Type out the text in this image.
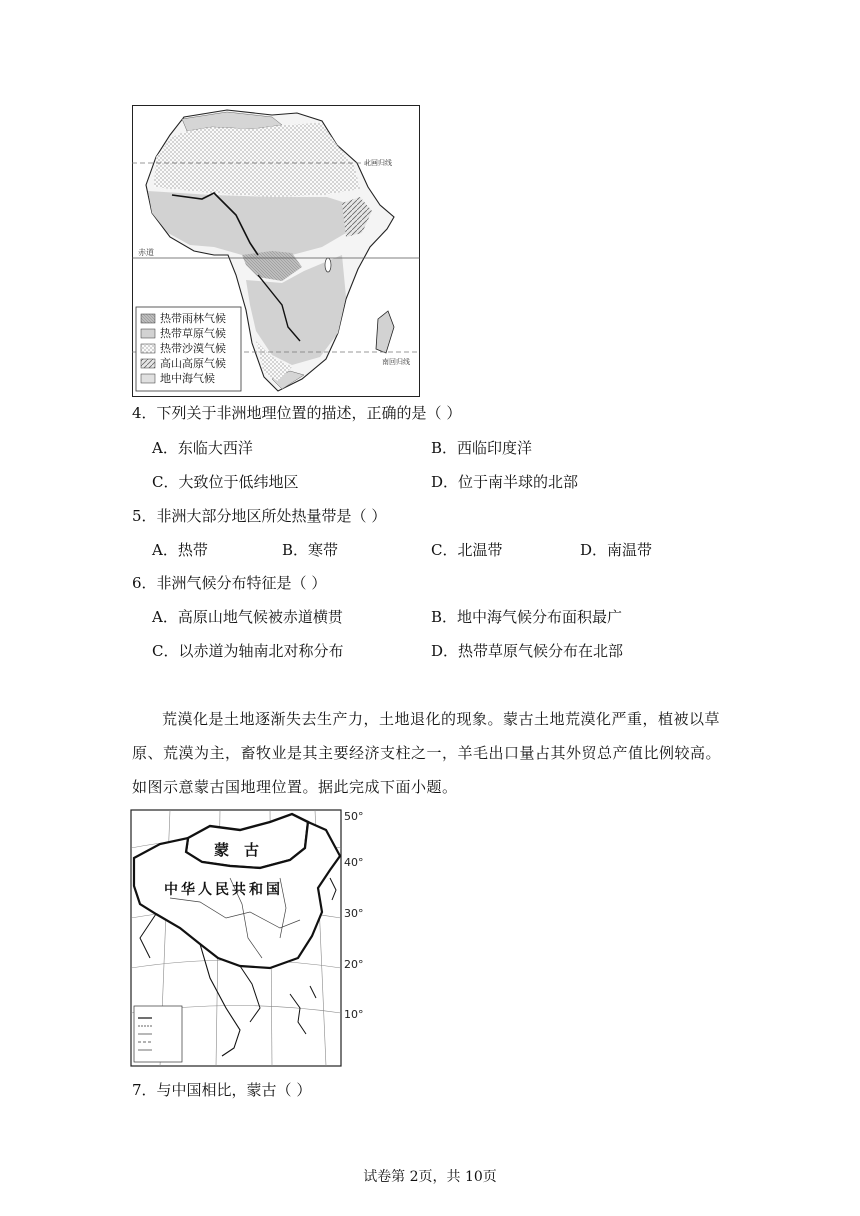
北回归线
赤道
南回归线
热带雨林气候
热带草原气候
热带沙漠气候
高山高原气候
地中海气候
4．下列关于非洲地理位置的描述，正确的是（ ）
A．东临大西洋	B．西临印度洋
C．大致位于低纬地区	D．位于南半球的北部
5．非洲大部分地区所处热量带是（ ）
A．热带	B．寒带	C．北温带	D．南温带
6．非洲气候分布特征是（ ）
A．高原山地气候被赤道横贯	B．地中海气候分布面积最广
C．以赤道为轴南北对称分布	D．热带草原气候分布在北部
荒漠化是土地逐渐失去生产力，土地退化的现象。蒙古土地荒漠化严重，植被以草原、荒漠为主，畜牧业是其主要经济支柱之一，羊毛出口量占其外贸总产值比例较高。如图示意蒙古国地理位置。据此完成下面小题。
50°
40°
30°
20°
10°
蒙　古
中华人民共和国
7．与中国相比，蒙古（ ）
试卷第 2页，共 10页
